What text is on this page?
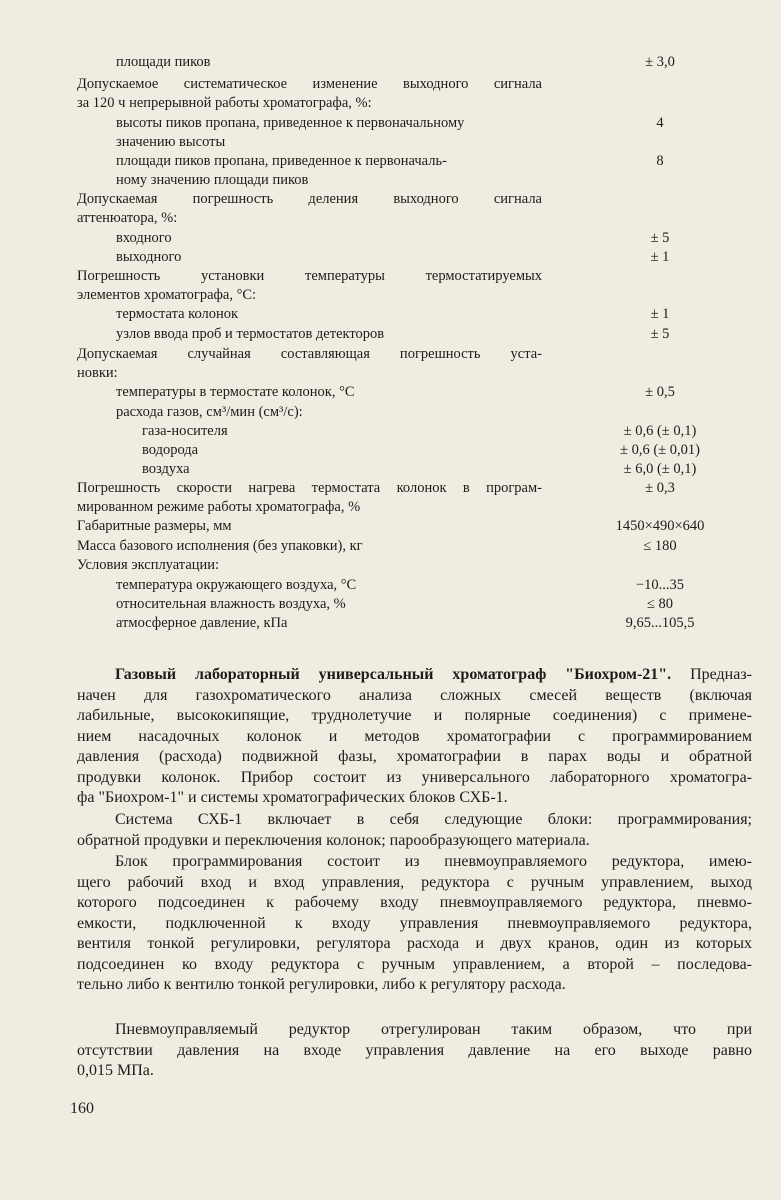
площади пиков	± 3,0
Допускаемое систематическое изменение выходного сигнала
за 120 ч непрерывной работы хроматографа, %:
высоты пиков пропана, приведенное к первоначальному	4
значению высоты
площади пиков пропана, приведенное к первоначаль-	8
ному значению площади пиков
Допускаемая погрешность деления выходного сигнала
аттенюатора, %:
входного	± 5
выходного	± 1
Погрешность установки температуры термостатируемых
элементов хроматографа, °С:
термостата колонок	± 1
узлов ввода проб и термостатов детекторов	± 5
Допускаемая случайная составляющая погрешность уста-
новки:
температуры в термостате колонок, °С	± 0,5
расхода газов, см³/мин (см³/с):
газа-носителя	± 0,6 (± 0,1)
водорода	± 0,6 (± 0,01)
воздуха	± 6,0 (± 0,1)
Погрешность скорости нагрева термостата колонок в програм-	± 0,3
мированном режиме работы хроматографа, %
Габаритные размеры, мм	1450×490×640
Масса базового исполнения (без упаковки), кг	≤ 180
Условия эксплуатации:
температура окружающего воздуха, °С	−10...35
относительная влажность воздуха, %	≤ 80
атмосферное давление, кПа	9,65...105,5
Газовый лабораторный универсальный хроматограф "Биохром-21". Предназ-
начен для газохроматического анализа сложных смесей веществ (включая
лабильные, высококипящие, труднолетучие и полярные соединения) с примене-
нием насадочных колонок и методов хроматографии с программированием
давления (расхода) подвижной фазы, хроматографии в парах воды и обратной
продувки колонок. Прибор состоит из универсального лабораторного хроматогра-
фа "Биохром-1" и системы хроматографических блоков СХБ-1.
Система СХБ-1 включает в себя следующие блоки: программирования;
обратной продувки и переключения колонок; парообразующего материала.
Блок программирования состоит из пневмоуправляемого редуктора, имею-
щего рабочий вход и вход управления, редуктора с ручным управлением, выход
которого подсоединен к рабочему входу пневмоуправляемого редуктора, пневмо-
емкости, подключенной к входу управления пневмоуправляемого редуктора,
вентиля тонкой регулировки, регулятора расхода и двух кранов, один из которых
подсоединен ко входу редуктора с ручным управлением, а второй – последова-
тельно либо к вентилю тонкой регулировки, либо к регулятору расхода.
Пневмоуправляемый редуктор отрегулирован таким образом, что при
отсутствии давления на входе управления давление на его выходе равно
0,015 МПа.
160
